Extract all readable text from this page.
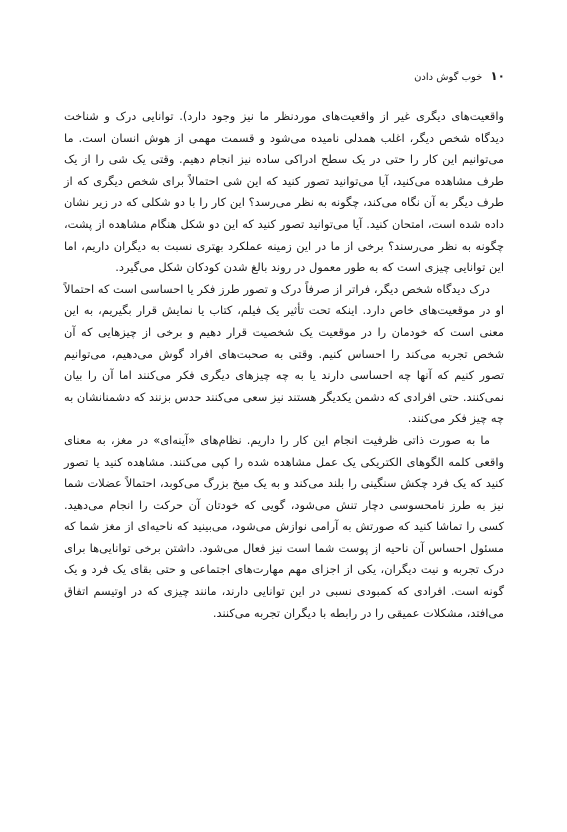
۱۰
خوب گوش دادن

واقعیت‌های دیگری غیر از واقعیت‌های موردنظر ما نیز وجود دارد). توانایی درک و شناخت دیدگاه شخص دیگر، اغلب همدلی نامیده می‌شود و قسمت مهمی از هوش انسان است. ما می‌توانیم این کار را حتی در یک سطح ادراکی ساده نیز انجام دهیم. وقتی یک شی را از یک طرف مشاهده می‌کنید، آیا می‌توانید تصور کنید که این شی احتمالاً برای شخص دیگری که از طرف دیگر به آن نگاه می‌کند، چگونه به نظر می‌رسد؟ این کار را با دو شکلی که در زیر نشان داده شده است، امتحان کنید. آیا می‌توانید تصور کنید که این دو شکل هنگام مشاهده از پشت، چگونه به نظر می‌رسند؟ برخی از ما در این زمینه عملکرد بهتری نسبت به دیگران داریم، اما این توانایی چیزی است که به طور معمول در روند بالغ شدن کودکان شکل می‌گیرد.

درک دیدگاه شخص دیگر، فراتر از صرفاً درک و تصور طرز فکر یا احساسی است که احتمالاً او در موقعیت‌های خاص دارد. اینکه تحت تأثیر یک فیلم، کتاب یا نمایش قرار بگیریم، به این معنی است که خودمان را در موقعیت یک شخصیت قرار دهیم و برخی از چیزهایی که آن شخص تجربه می‌کند را احساس کنیم. وقتی به صحبت‌های افراد گوش می‌دهیم، می‌توانیم تصور کنیم که آنها چه احساسی دارند یا به چه چیزهای دیگری فکر می‌کنند اما آن را بیان نمی‌کنند. حتی افرادی که دشمن یکدیگر هستند نیز سعی می‌کنند حدس بزنند که دشمنانشان به چه چیز فکر می‌کنند.

ما به صورت ذاتی ظرفیت انجام این کار را داریم. نظام‌های «آینه‌ای» در مغز، به معنای واقعی کلمه الگوهای الکتریکی یک عمل مشاهده شده را کپی می‌کنند. مشاهده کنید یا تصور کنید که یک فرد چکش سنگینی را بلند می‌کند و به یک میخ بزرگ می‌کوبد، احتمالاً عضلات شما نیز به طرز نامحسوسی دچار تنش می‌شود، گویی که خودتان آن حرکت را انجام می‌دهید. کسی را تماشا کنید که صورتش به آرامی نوازش می‌شود، می‌بینید که ناحیه‌ای از مغز شما که مسئول احساس آن ناحیه از پوست شما است نیز فعال می‌شود. داشتن برخی توانایی‌ها برای درک تجربه و نیت دیگران، یکی از اجزای مهم مهارت‌های اجتماعی و حتی بقای یک فرد و یک گونه است. افرادی که کمبودی نسبی در این توانایی دارند، مانند چیزی که در اوتیسم اتفاق می‌افتد، مشکلات عمیقی را در رابطه با دیگران تجربه می‌کنند.
